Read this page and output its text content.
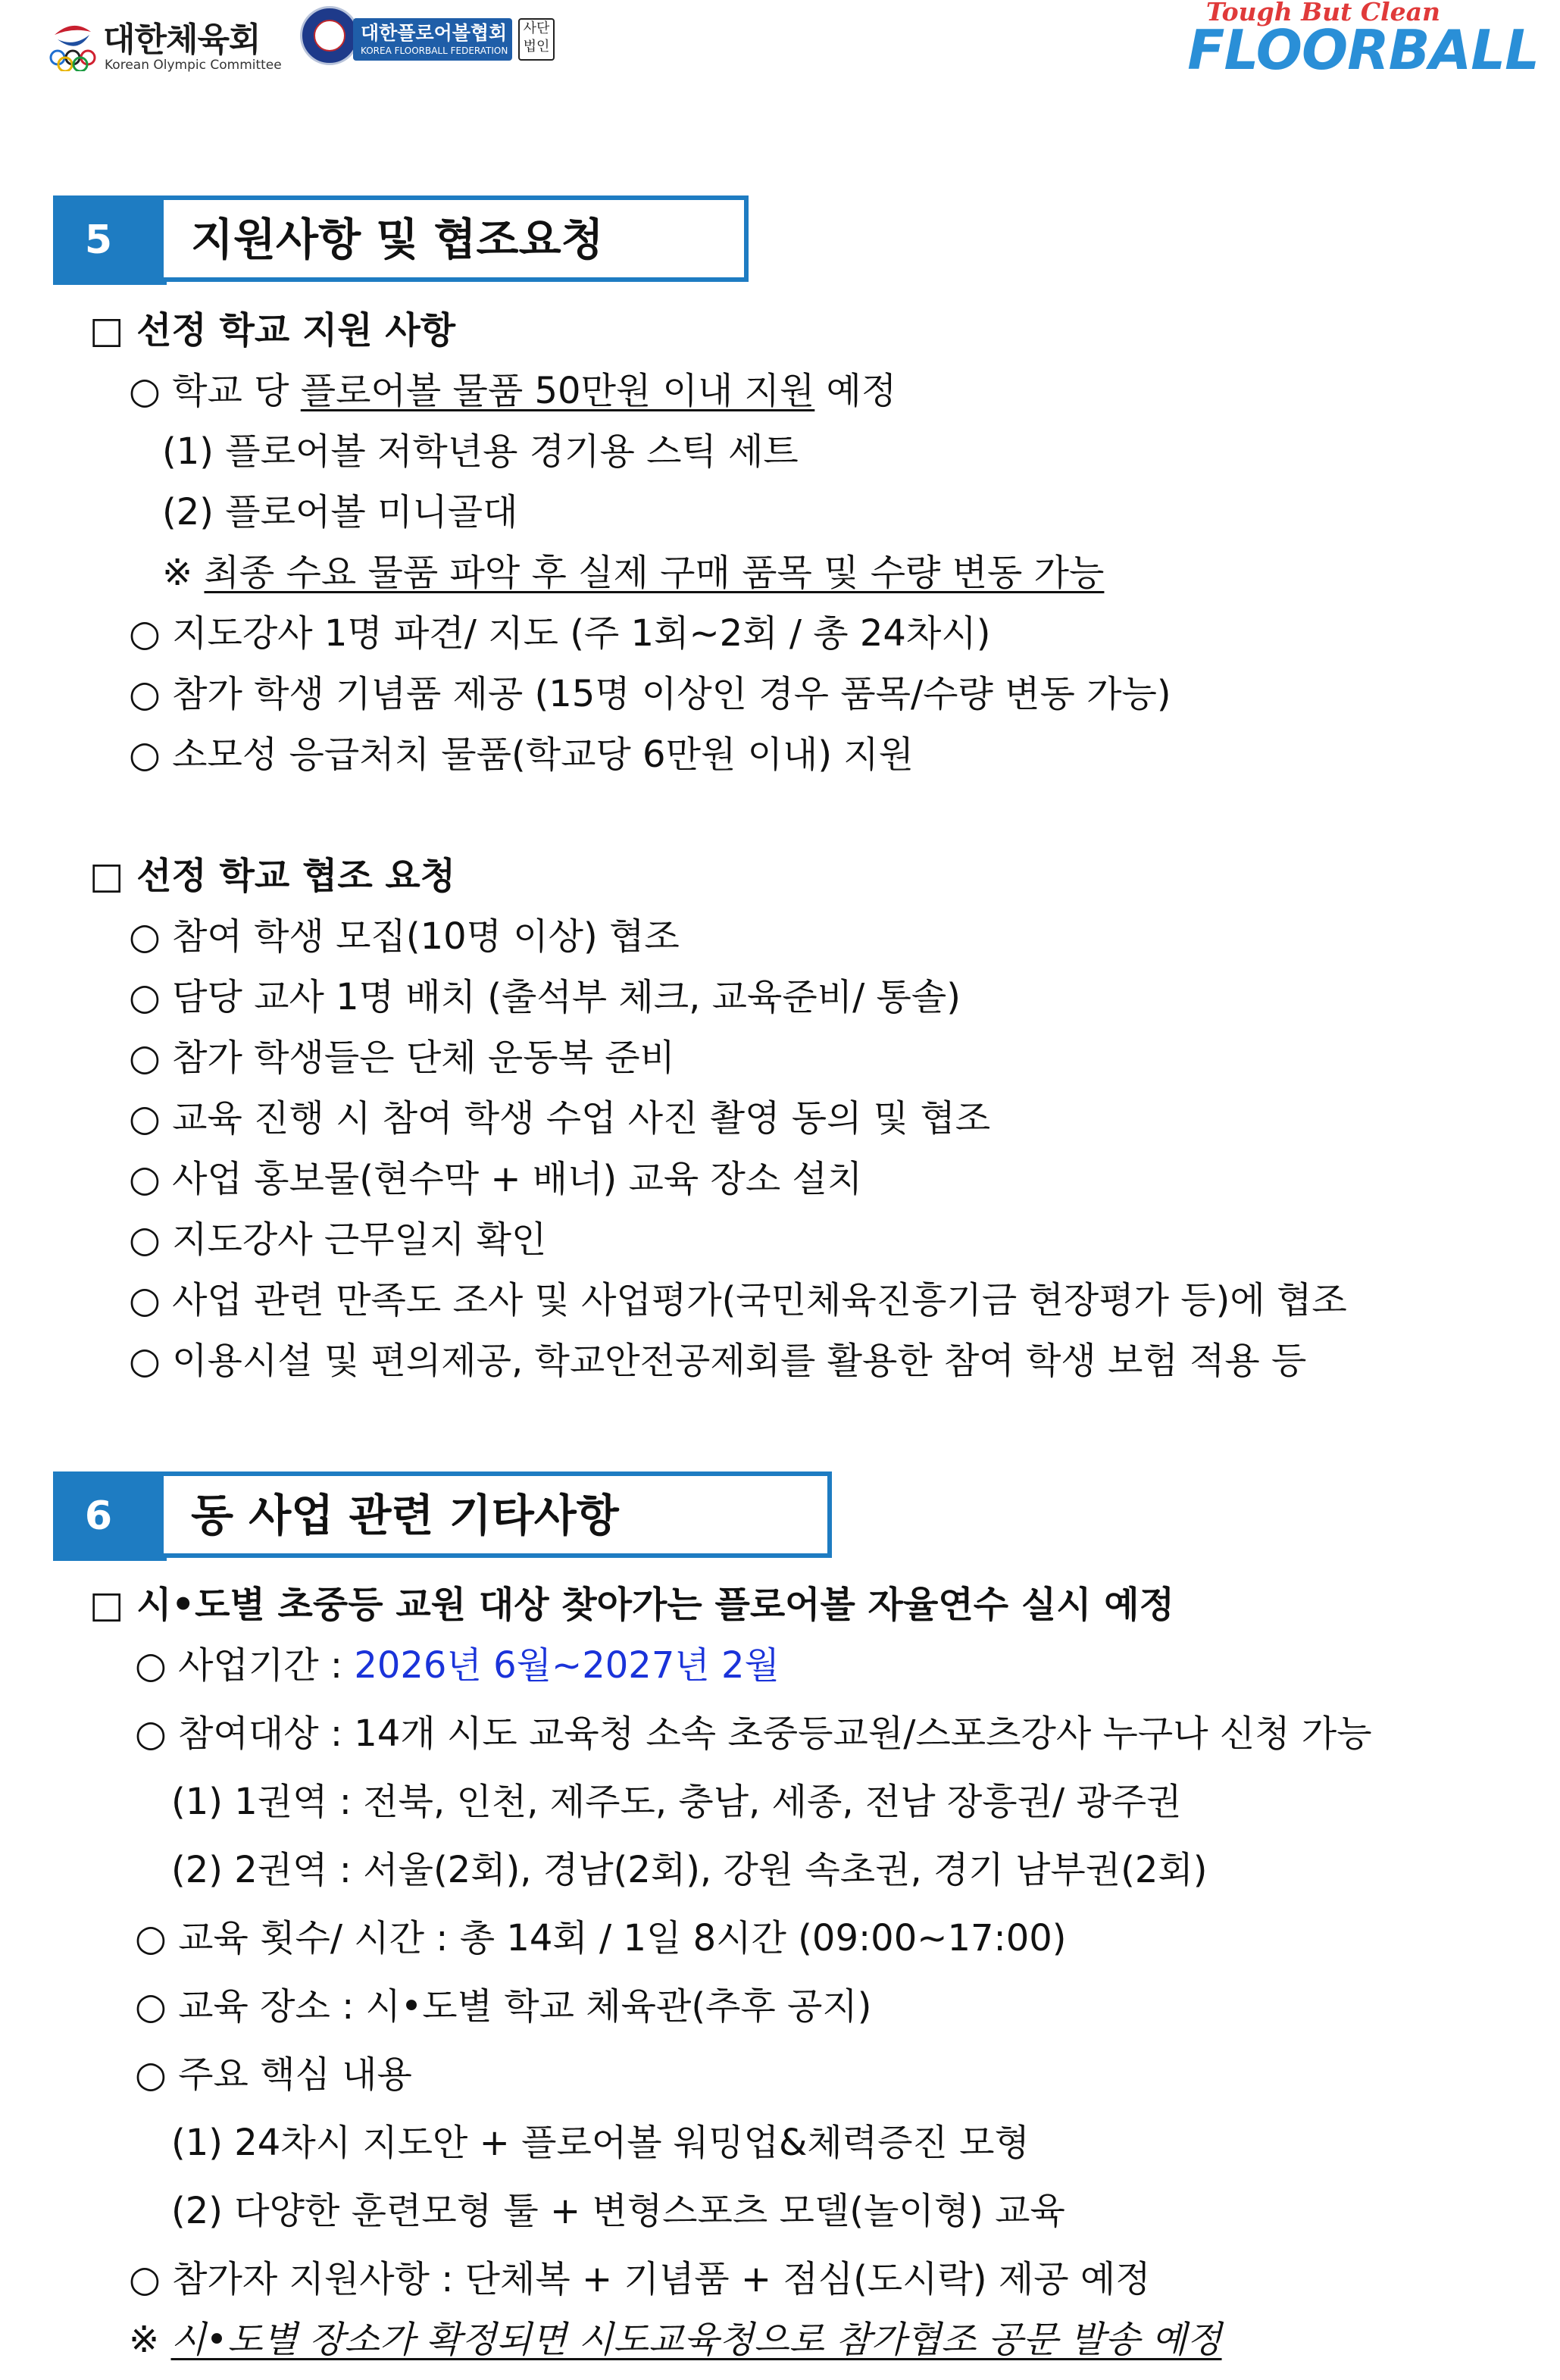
대한체육회
Korean Olympic Committee
대한플로어볼협회
KOREA FLOORBALL FEDERATION
사단법인
Tough But Clean
FLOORBALL
5	지원사항 및 협조요청
□ 선정 학교 지원 사항
○ 학교 당 플로어볼 물품 50만원 이내 지원 예정
(1) 플로어볼 저학년용 경기용 스틱 세트
(2) 플로어볼 미니골대
※ 최종 수요 물품 파악 후 실제 구매 품목 및 수량 변동 가능
○ 지도강사 1명 파견/ 지도 (주 1회~2회 / 총 24차시)
○ 참가 학생 기념품 제공 (15명 이상인 경우 품목/수량 변동 가능)
○ 소모성 응급처치 물품(학교당 6만원 이내) 지원
□ 선정 학교 협조 요청
○ 참여 학생 모집(10명 이상) 협조
○ 담당 교사 1명 배치 (출석부 체크, 교육준비/ 통솔)
○ 참가 학생들은 단체 운동복 준비
○ 교육 진행 시 참여 학생 수업 사진 촬영 동의 및 협조
○ 사업 홍보물(현수막 + 배너) 교육 장소 설치
○ 지도강사 근무일지 확인
○ 사업 관련 만족도 조사 및 사업평가(국민체육진흥기금 현장평가 등)에 협조
○ 이용시설 및 편의제공, 학교안전공제회를 활용한 참여 학생 보험 적용 등
6	동 사업 관련 기타사항
□ 시•도별 초중등 교원 대상 찾아가는 플로어볼 자율연수 실시 예정
○ 사업기간 : 2026년 6월~2027년 2월
○ 참여대상 : 14개 시도 교육청 소속 초중등교원/스포츠강사 누구나 신청 가능
(1) 1권역 : 전북, 인천, 제주도, 충남, 세종, 전남 장흥권/ 광주권
(2) 2권역 : 서울(2회), 경남(2회), 강원 속초권, 경기 남부권(2회)
○ 교육 횟수/ 시간 : 총 14회 / 1일 8시간 (09:00~17:00)
○ 교육 장소 : 시•도별 학교 체육관(추후 공지)
○ 주요 핵심 내용
(1) 24차시 지도안 + 플로어볼 워밍업&체력증진 모형
(2) 다양한 훈련모형 툴 + 변형스포츠 모델(놀이형) 교육
○ 참가자 지원사항 : 단체복 + 기념품 + 점심(도시락) 제공 예정
※ 시•도별 장소가 확정되면 시도교육청으로 참가협조 공문 발송 예정
